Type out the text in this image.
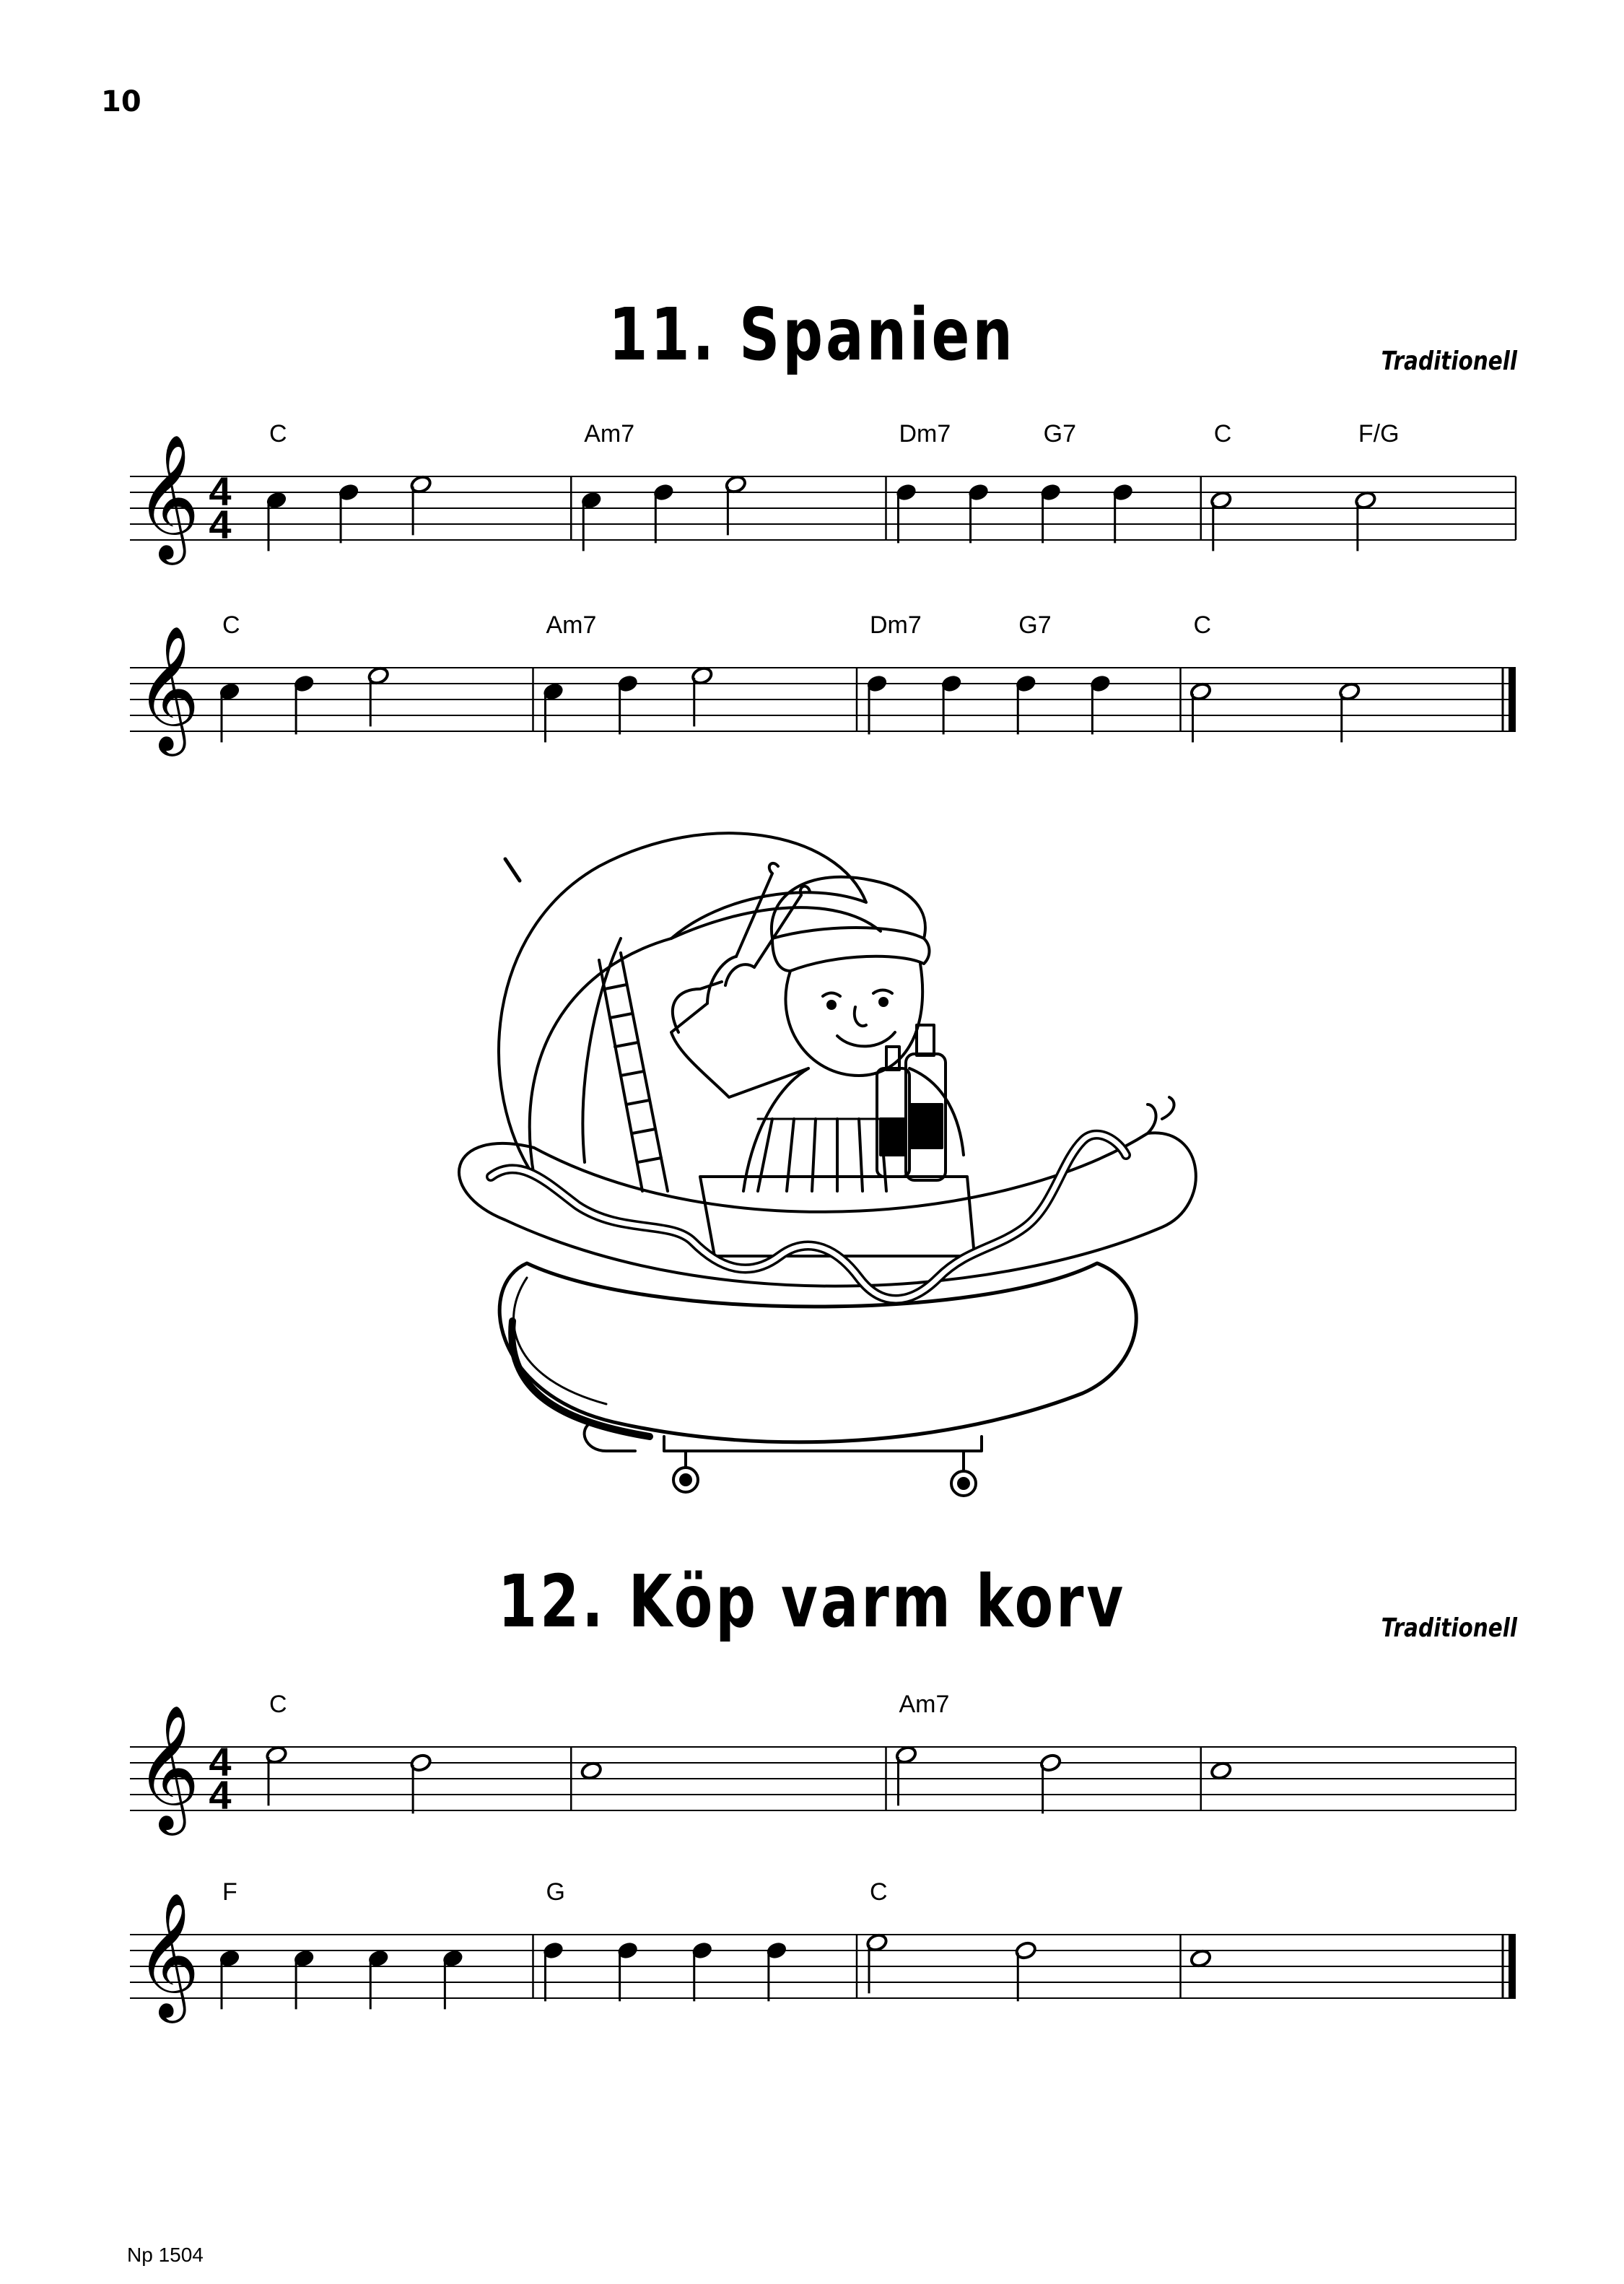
10
11. Spanien	Traditionell
𝄞 4
4
C	Am7	Dm7	G7	C	F/G
𝄞
C	Am7	Dm7	G7	C
12. Köp varm korv	Traditionell
𝄞 4
4
C	Am7
𝄞
F	G	C
Np 1504
